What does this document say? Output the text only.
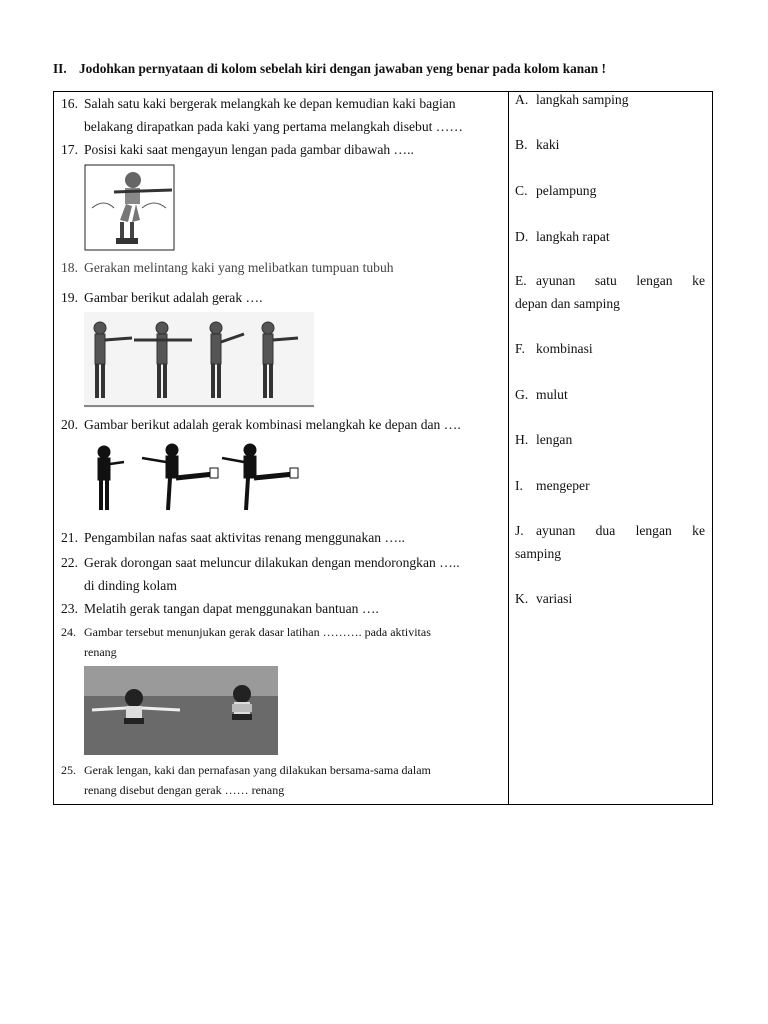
II. Jodohkan pernyataan di kolom sebelah kiri dengan jawaban yeng benar pada kolom kanan !
16. Salah satu kaki bergerak melangkah ke depan kemudian kaki bagian
belakang dirapatkan pada kaki yang pertama melangkah disebut ……
17. Posisi kaki saat mengayun lengan pada gambar dibawah …..
18. Gerakan melintang kaki yang melibatkan tumpuan tubuh
19. Gambar berikut adalah gerak ….
20. Gambar berikut adalah gerak kombinasi melangkah ke depan dan ….
21. Pengambilan nafas saat aktivitas renang menggunakan …..
22. Gerak dorongan saat meluncur dilakukan dengan mendorongkan …..
di dinding kolam
23. Melatih gerak tangan dapat menggunakan bantuan ….
24. Gambar tersebut menunjukan gerak dasar latihan ………. pada aktivitas
renang
25. Gerak lengan, kaki dan pernafasan yang dilakukan bersama-sama dalam
renang disebut dengan gerak …… renang
A. langkah samping
B. kaki
C. pelampung
D. langkah rapat
E. ayunan satu lengan ke
depan dan samping
F. kombinasi
G. mulut
H. lengan
I. mengeper
J. ayunan dua lengan ke
samping
K. variasi
